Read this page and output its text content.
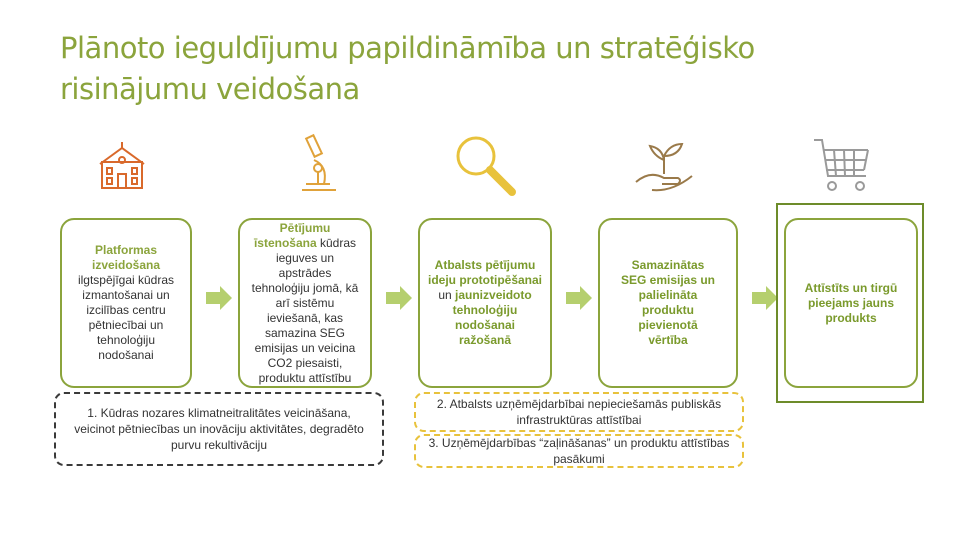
Plānoto ieguldījumu papildināmība un stratēģisko risinājumu veidošana
Platformas izveidošana
ilgtspējīgai kūdras izmantošanai un izcilības centru pētniecībai un tehnoloģiju nodošanai
Pētījumu īstenošana kūdras ieguves un apstrādes tehnoloģiju jomā, kā arī sistēmu ieviešanā, kas samazina SEG emisijas un veicina CO2 piesaisti, produktu attīstību
Atbalsts pētījumu ideju prototipēšanai un jaunizveidoto tehnoloģiju nodošanai ražošanā
Samazinātas SEG emisijas un palielināta produktu pievienotā vērtība
Attīstīts un tirgū pieejams jauns produkts
1. Kūdras nozares klimatneitralitātes veicināšana, veicinot pētniecības un inovāciju aktivitātes, degradēto purvu rekultivāciju
2. Atbalsts uzņēmējdarbībai nepieciešamās publiskās infrastruktūras attīstībai
3. Uzņēmējdarbības “zaļināšanas” un produktu attīstības pasākumi
